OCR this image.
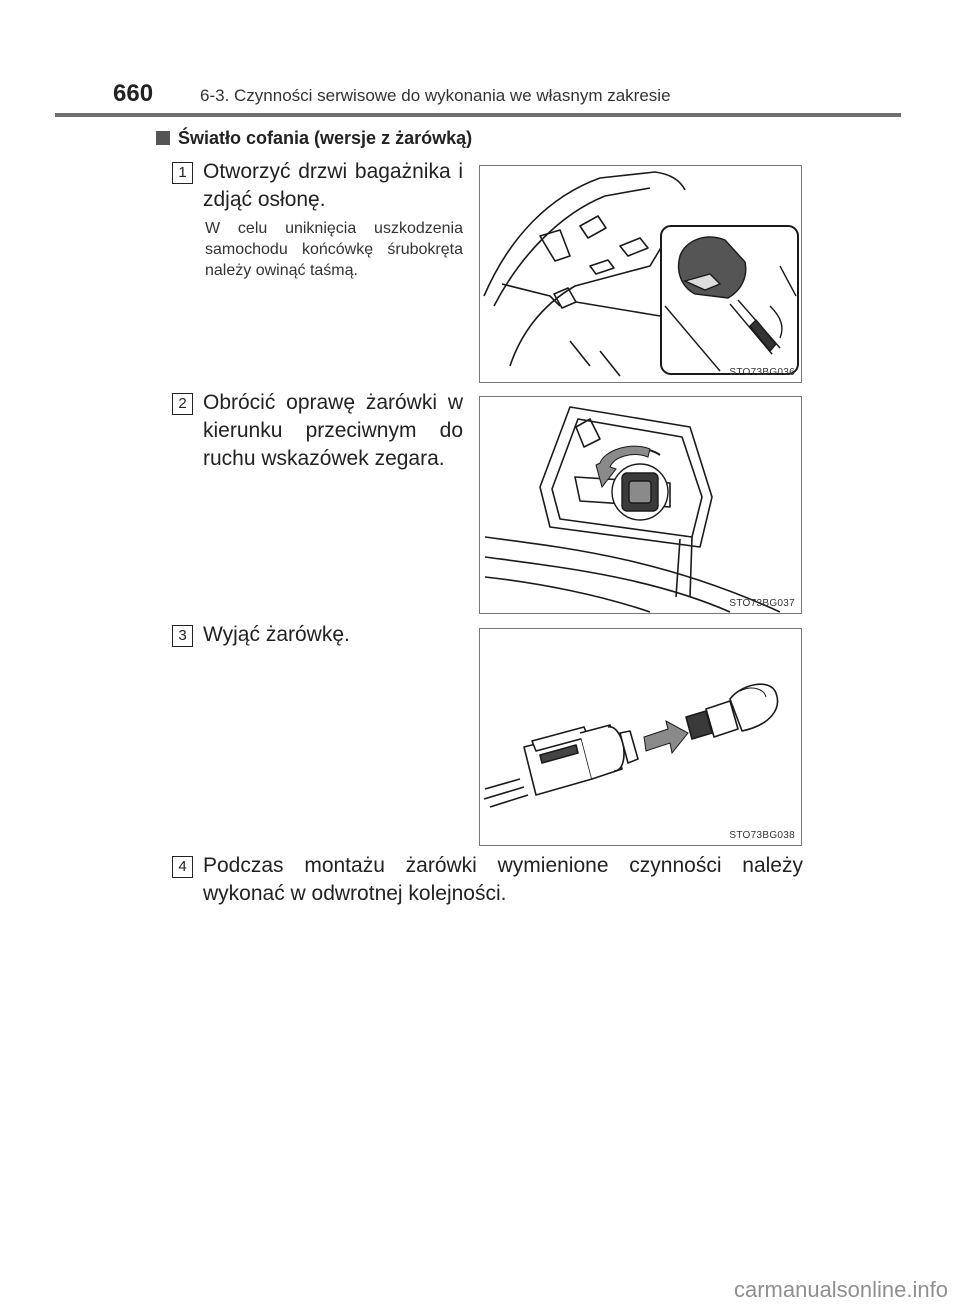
660	6-3. Czynności serwisowe do wykonania we własnym zakresie
Światło cofania (wersje z żarówką)
1 Otworzyć drzwi bagażnika i zdjąć osłonę.
W celu uniknięcia uszkodzenia samochodu końcówkę śrubokręta należy owinąć taśmą.
STO73BG036
2 Obrócić oprawę żarówki w kierunku przeciwnym do ruchu wskazówek zegara.
STO73BG037
3 Wyjąć żarówkę.
STO73BG038
4 Podczas montażu żarówki wymienione czynności należy wykonać w odwrotnej kolejności.
carmanualsonline.info
